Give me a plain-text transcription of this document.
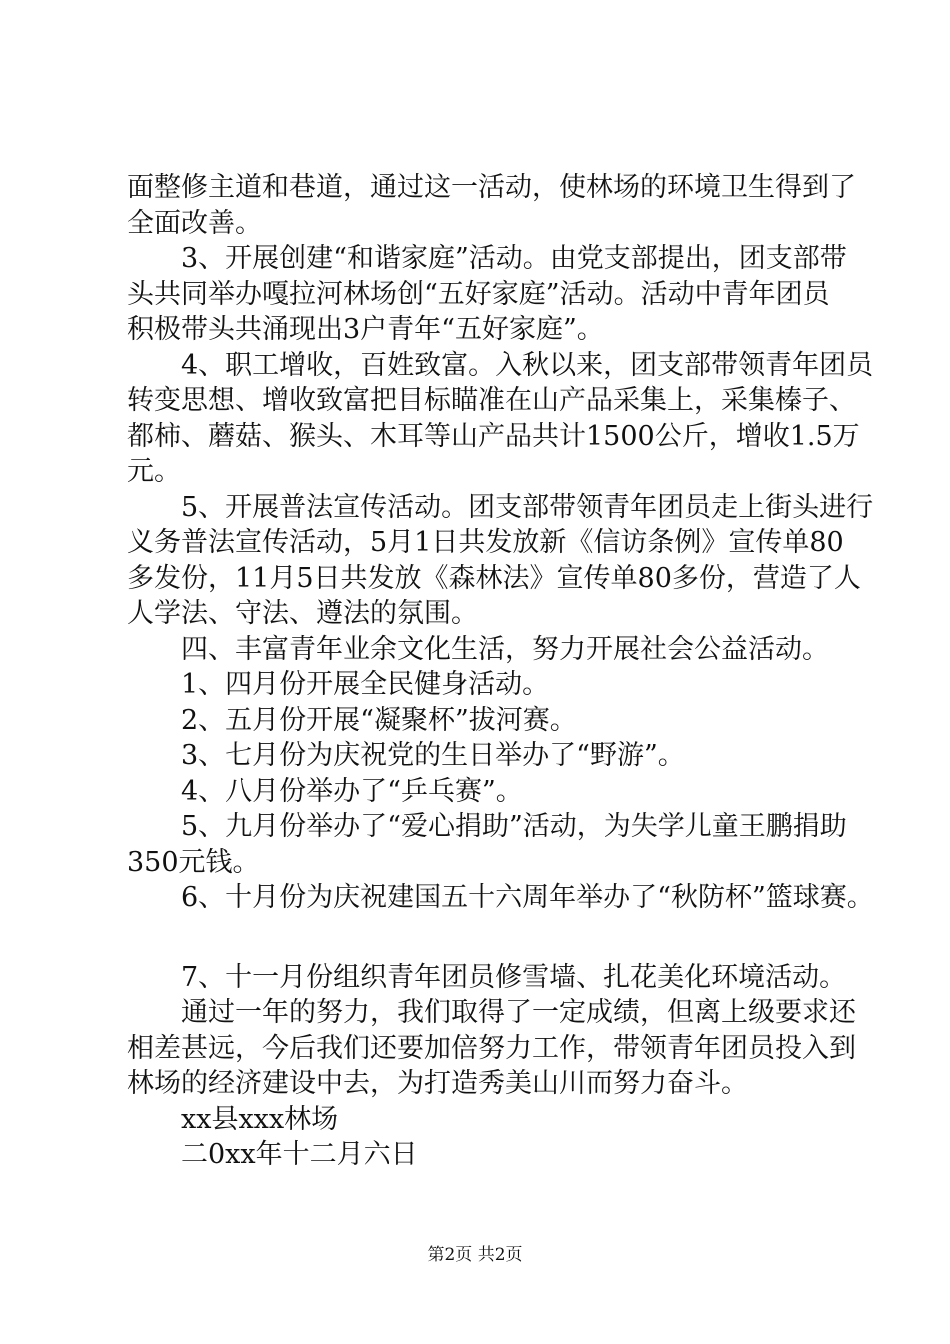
面整修主道和巷道，通过这一活动，使林场的环境卫生得到了
全面改善。
　　3、开展创建“和谐家庭”活动。由党支部提出，团支部带
头共同举办嘎拉河林场创“五好家庭”活动。活动中青年团员
积极带头共涌现出3户青年“五好家庭”。
　　4、职工增收，百姓致富。入秋以来，团支部带领青年团员
转变思想、增收致富把目标瞄准在山产品采集上，采集榛子、
都柿、蘑菇、猴头、木耳等山产品共计1500公斤，增收1.5万
元。
　　5、开展普法宣传活动。团支部带领青年团员走上街头进行
义务普法宣传活动，5月1日共发放新《信访条例》宣传单80
多发份，11月5日共发放《森林法》宣传单80多份，营造了人
人学法、守法、遵法的氛围。
　　四、丰富青年业余文化生活，努力开展社会公益活动。
　　1、四月份开展全民健身活动。
　　2、五月份开展“凝聚杯”拔河赛。
　　3、七月份为庆祝党的生日举办了“野游”。
　　4、八月份举办了“乒乓赛”。
　　5、九月份举办了“爱心捐助”活动，为失学儿童王鹏捐助
350元钱。
　　6、十月份为庆祝建国五十六周年举办了“秋防杯”篮球赛。
　　7、十一月份组织青年团员修雪墙、扎花美化环境活动。
　　通过一年的努力，我们取得了一定成绩，但离上级要求还
相差甚远，今后我们还要加倍努力工作，带领青年团员投入到
林场的经济建设中去，为打造秀美山川而努力奋斗。
　　xx县xxx林场
　　二0xx年十二月六日
第2页 共2页
